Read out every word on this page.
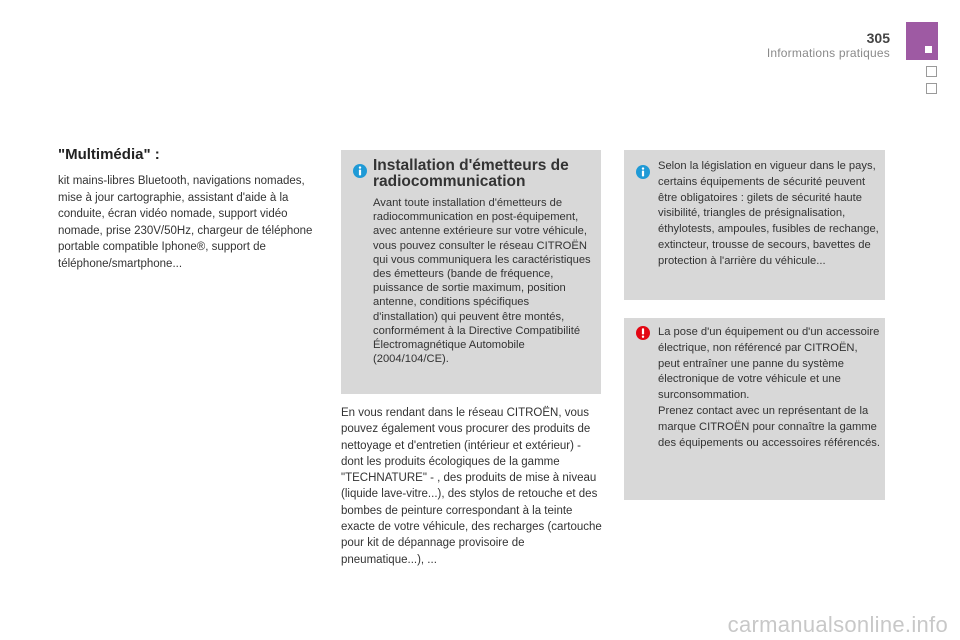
305
Informations pratiques
"Multimédia" :

kit mains-libres Bluetooth, navigations nomades, mise à jour cartographie, assistant d'aide à la conduite, écran vidéo nomade, support vidéo nomade, prise 230V/50Hz, chargeur de téléphone portable compatible Iphone®, support de téléphone/smartphone...

Installation d'émetteurs de radiocommunication

Avant toute installation d'émetteurs de radiocommunication en post-équipement, avec antenne extérieure sur votre véhicule, vous pouvez consulter le réseau CITROËN qui vous communiquera les caractéristiques des émetteurs (bande de fréquence, puissance de sortie maximum, position antenne, conditions spécifiques d'installation) qui peuvent être montés, conformément à la Directive Compatibilité Électromagnétique Automobile (2004/104/CE).

En vous rendant dans le réseau CITROËN, vous pouvez également vous procurer des produits de nettoyage et d'entretien (intérieur et extérieur) - dont les produits écologiques de la gamme "TECHNATURE" - , des produits de mise à niveau (liquide lave-vitre...), des stylos de retouche et des bombes de peinture correspondant à la teinte exacte de votre véhicule, des recharges (cartouche pour kit de dépannage provisoire de pneumatique...), ...

Selon la législation en vigueur dans le pays, certains équipements de sécurité peuvent être obligatoires : gilets de sécurité haute visibilité, triangles de présignalisation, éthylotests, ampoules, fusibles de rechange, extincteur, trousse de secours, bavettes de protection à l'arrière du véhicule...

La pose d'un équipement ou d'un accessoire électrique, non référencé par CITROËN, peut entraîner une panne du système électronique de votre véhicule et une surconsommation.
Prenez contact avec un représentant de la marque CITROËN pour connaître la gamme des équipements ou accessoires référencés.

carmanualsonline.info
